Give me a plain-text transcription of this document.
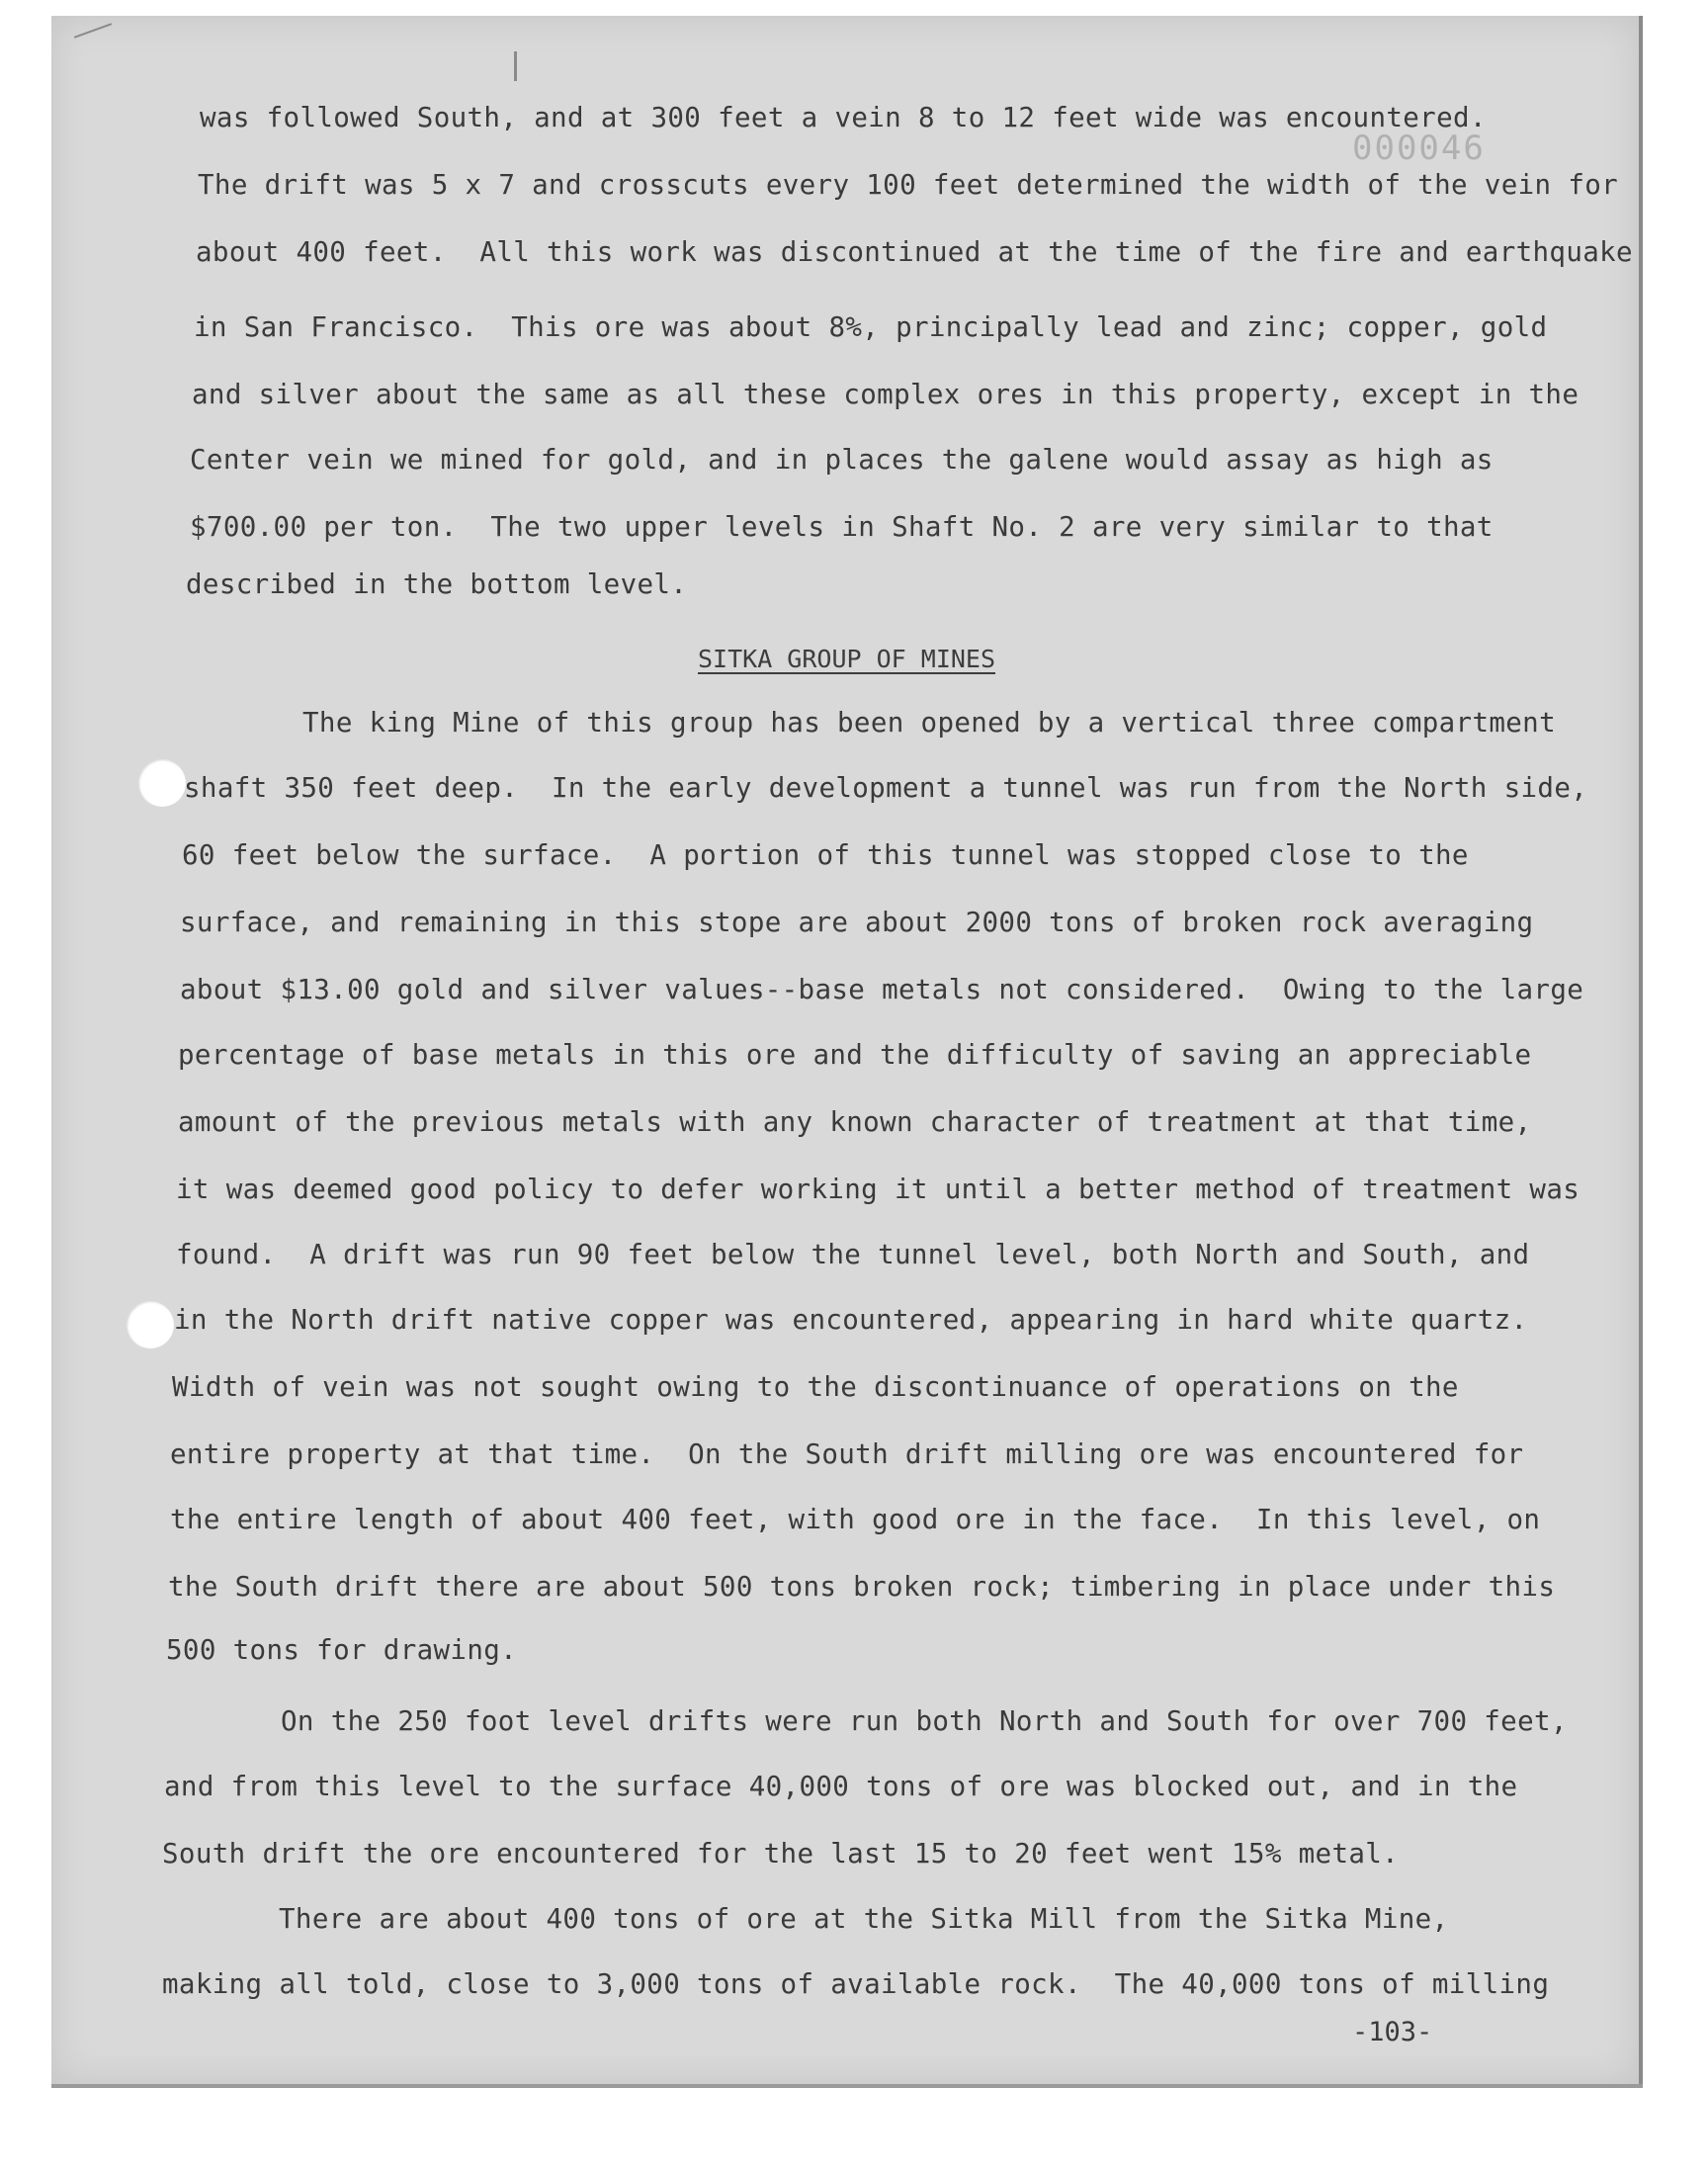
000046
was followed South, and at 300 feet a vein 8 to 12 feet wide was encountered.
The drift was 5 x 7 and crosscuts every 100 feet determined the width of the vein for
about 400 feet.  All this work was discontinued at the time of the fire and earthquake
in San Francisco.  This ore was about 8%, principally lead and zinc; copper, gold
and silver about the same as all these complex ores in this property, except in the
Center vein we mined for gold, and in places the galene would assay as high as
$700.00 per ton.  The two upper levels in Shaft No. 2 are very similar to that
described in the bottom level.
SITKA GROUP OF MINES
The king Mine of this group has been opened by a vertical three compartment
shaft 350 feet deep.  In the early development a tunnel was run from the North side,
60 feet below the surface.  A portion of this tunnel was stopped close to the
surface, and remaining in this stope are about 2000 tons of broken rock averaging
about $13.00 gold and silver values--base metals not considered.  Owing to the large
percentage of base metals in this ore and the difficulty of saving an appreciable
amount of the previous metals with any known character of treatment at that time,
it was deemed good policy to defer working it until a better method of treatment was
found.  A drift was run 90 feet below the tunnel level, both North and South, and
in the North drift native copper was encountered, appearing in hard white quartz.
Width of vein was not sought owing to the discontinuance of operations on the
entire property at that time.  On the South drift milling ore was encountered for
the entire length of about 400 feet, with good ore in the face.  In this level, on
the South drift there are about 500 tons broken rock; timbering in place under this
500 tons for drawing.
On the 250 foot level drifts were run both North and South for over 700 feet,
and from this level to the surface 40,000 tons of ore was blocked out, and in the
South drift the ore encountered for the last 15 to 20 feet went 15% metal.
There are about 400 tons of ore at the Sitka Mill from the Sitka Mine,
making all told, close to 3,000 tons of available rock.  The 40,000 tons of milling
-103-
